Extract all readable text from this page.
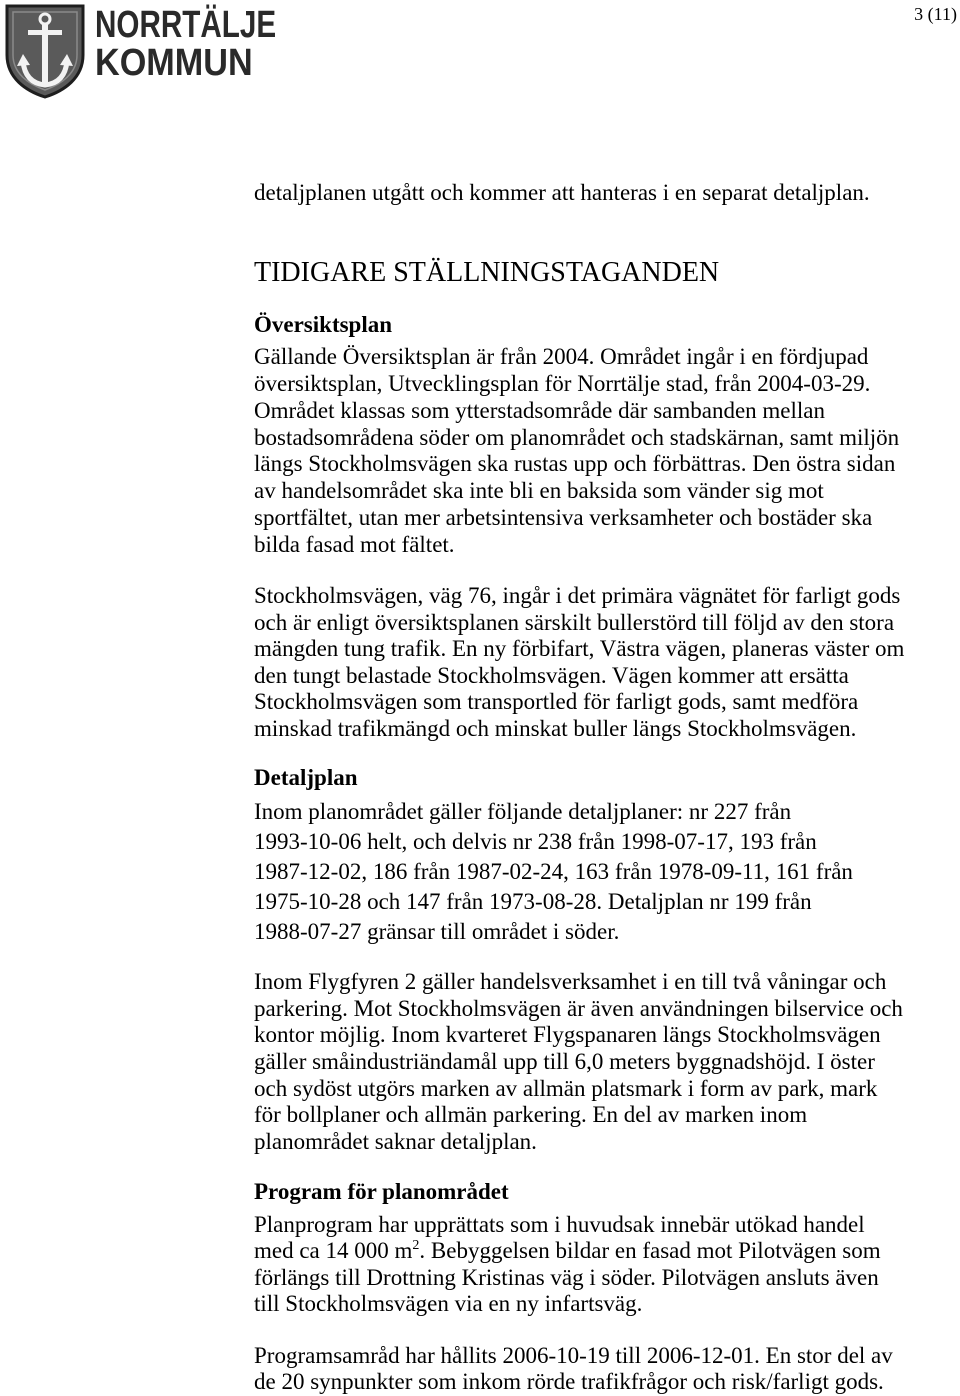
NORRTÄLJE
KOMMUN
3 (11)
detaljplanen utgått och kommer att hanteras i en separat detaljplan.
TIDIGARE STÄLLNINGSTAGANDEN
Översiktsplan
Gällande Översiktsplan är från 2004. Området ingår i en fördjupad
översiktsplan, Utvecklingsplan för Norrtälje stad, från 2004-03-29.
Området klassas som ytterstadsområde där sambanden mellan
bostadsområdena söder om planområdet och stadskärnan, samt miljön
längs Stockholmsvägen ska rustas upp och förbättras. Den östra sidan
av handelsområdet ska inte bli en baksida som vänder sig mot
sportfältet, utan mer arbetsintensiva verksamheter och bostäder ska
bilda fasad mot fältet.
Stockholmsvägen, väg 76, ingår i det primära vägnätet för farligt gods
och är enligt översiktsplanen särskilt bullerstörd till följd av den stora
mängden tung trafik. En ny förbifart, Västra vägen, planeras väster om
den tungt belastade Stockholmsvägen. Vägen kommer att ersätta
Stockholmsvägen som transportled för farligt gods, samt medföra
minskad trafikmängd och minskat buller längs Stockholmsvägen.
Detaljplan
Inom planområdet gäller följande detaljplaner: nr 227 från
1993‑10‑06 helt, och delvis nr 238 från 1998‑07‑17, 193 från
1987‑12‑02, 186 från 1987‑02‑24, 163 från 1978‑09‑11, 161 från
1975‑10‑28 och 147 från 1973‑08‑28. Detaljplan nr 199 från
1988‑07‑27 gränsar till området i söder.
Inom Flygfyren 2 gäller handelsverksamhet i en till två våningar och
parkering. Mot Stockholmsvägen är även användningen bilservice och
kontor möjlig. Inom kvarteret Flygspanaren längs Stockholmsvägen
gäller småindustriändamål upp till 6,0 meters byggnadshöjd. I öster
och sydöst utgörs marken av allmän platsmark i form av park, mark
för bollplaner och allmän parkering. En del av marken inom
planområdet saknar detaljplan.
Program för planområdet
Planprogram har upprättats som i huvudsak innebär utökad handel
med ca 14 000 $m^2$. Bebyggelsen bildar en fasad mot Pilotvägen som
förlängs till Drottning Kristinas väg i söder. Pilotvägen ansluts även
till Stockholmsvägen via en ny infartsväg.
Programsamråd har hållits 2006-10-19 till 2006-12-01. En stor del av
de 20 synpunkter som inkom rörde trafikfrågor och risk/farligt gods.
